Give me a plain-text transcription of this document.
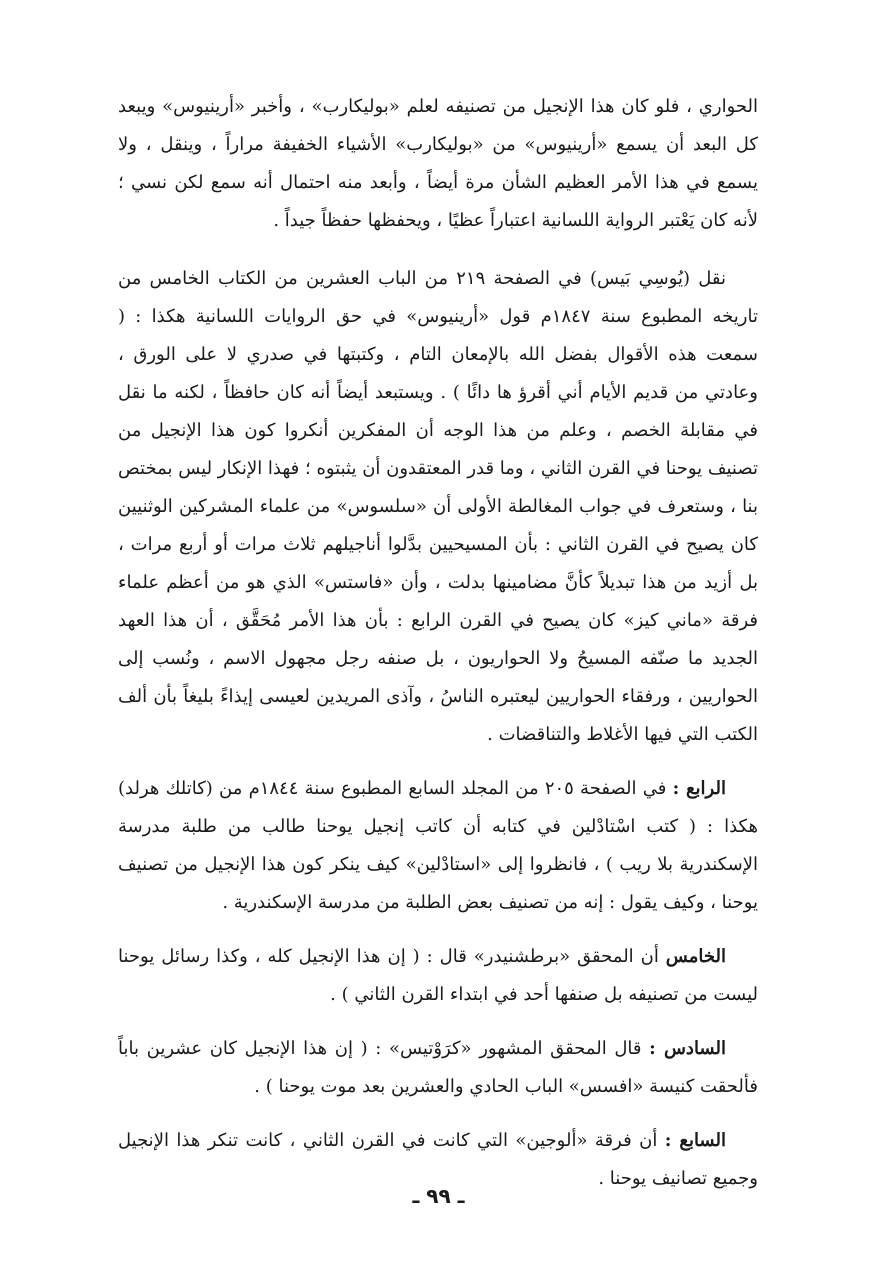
الحواري ، فلو كان هذا الإنجيل من تصنيفه لعلم «بوليكارب» ، وأخبر «أرينيوس» ويبعد كل البعد أن يسمع «أرينيوس» من «بوليكارب» الأشياء الخفيفة مراراً ، وينقل ، ولا يسمع في هذا الأمر العظيم الشأن مرة أيضاً ، وأبعد منه احتمال أنه سمع لكن نسي ؛ لأنه كان يَعْتبر الرواية اللسانية اعتباراً عظيًا ، ويحفظها حفظاً جيداً .

نقل (يُوسِي بَيس) في الصفحة ٢١٩ من الباب العشرين من الكتاب الخامس من تاريخه المطبوع سنة ١٨٤٧م قول «أرينيوس» في حق الروايات اللسانية هكذا : ( سمعت هذه الأقوال بفضل الله بالإمعان التام ، وكتبتها في صدري لا على الورق ، وعادتي من قديم الأيام أني أقرؤ ها دائًا ) . ويستبعد أيضاً أنه كان حافظاً ، لكنه ما نقل في مقابلة الخصم ، وعلم من هذا الوجه أن المفكرين أنكروا كون هذا الإنجيل من تصنيف يوحنا في القرن الثاني ، وما قدر المعتقدون أن يثبتوه ؛ فهذا الإنكار ليس بمختص بنا ، وستعرف في جواب المغالطة الأولى أن «سلسوس» من علماء المشركين الوثنيين كان يصيح في القرن الثاني : بأن المسيحيين بدَّلوا أناجيلهم ثلاث مرات أو أربع مرات ، بل أزيد من هذا تبديلاً كأنَّ مضامينها بدلت ، وأن «فاستس» الذي هو من أعظم علماء فرقة «ماني كيز» كان يصيح في القرن الرابع : بأن هذا الأمر مُحَقَّق ، أن هذا العهد الجديد ما صنّفه المسيحُ ولا الحواريون ، بل صنفه رجل مجهول الاسم ، ونُسب إلى الحواريين ، ورفقاء الحواريين ليعتبره الناسُ ، وآذى المريدين لعيسى إيذاءً بليغاً بأن ألف الكتب التي فيها الأغلاط والتناقضات .

الرابع : في الصفحة ٢٠٥ من المجلد السابع المطبوع سنة ١٨٤٤م من (كاتلك هرلد) هكذا : ( كتب اسْتادْلين في كتابه أن كاتب إنجيل يوحنا طالب من طلبة مدرسة الإسكندرية بلا ريب ) ، فانظروا إلى «استادْلين» كيف ينكر كون هذا الإنجيل من تصنيف يوحنا ، وكيف يقول : إنه من تصنيف بعض الطلبة من مدرسة الإسكندرية .

الخامس أن المحقق «برطشنيدر» قال : ( إن هذا الإنجيل كله ، وكذا رسائل يوحنا ليست من تصنيفه بل صنفها أحد في ابتداء القرن الثاني ) .

السادس : قال المحقق المشهور «كرَوْتيس» : ( إن هذا الإنجيل كان عشرين باباً فألحقت كنيسة «افسس» الباب الحادي والعشرين بعد موت يوحنا ) .

السابع : أن فرقة «ألوجين» التي كانت في القرن الثاني ، كانت تنكر هذا الإنجيل وجميع تصانيف يوحنا .

ـ ٩٩ ـ
